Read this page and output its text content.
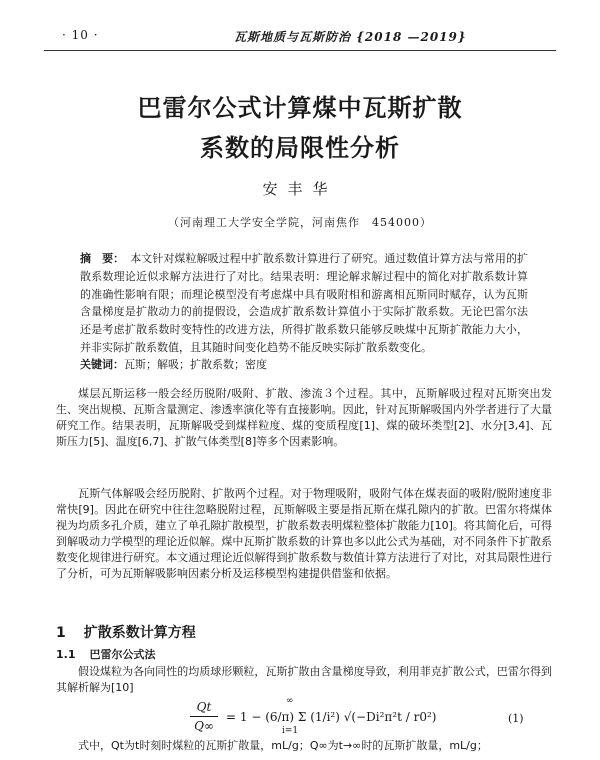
· 10 ·	瓦斯地质与瓦斯防治 {2018 —2019}
巴雷尔公式计算煤中瓦斯扩散
系数的局限性分析
安丰华
（河南理工大学安全学院，河南焦作　454000）
摘　要： 本文针对煤粒解吸过程中扩散系数计算进行了研究。通过数值计算方法与常用的扩散系数理论近似求解方法进行了对比。结果表明：理论解求解过程中的简化对扩散系数计算的准确性影响有限；而理论模型没有考虑煤中具有吸附相和游离相瓦斯同时赋存，认为瓦斯含量梯度是扩散动力的前提假设，会造成扩散系数计算值小于实际扩散系数。无论巴雷尔法还是考虑扩散系数时变特性的改进方法，所得扩散系数只能够反映煤中瓦斯扩散能力大小，并非实际扩散系数值，且其随时间变化趋势不能反映实际扩散系数变化。
关键词：瓦斯；解吸；扩散系数；密度
煤层瓦斯运移一般会经历脱附/吸附、扩散、渗流３个过程。其中，瓦斯解吸过程对瓦斯突出发生、突出规模、瓦斯含量测定、渗透率演化等有直接影响。因此，针对瓦斯解吸国内外学者进行了大量研究工作。结果表明，瓦斯解吸受到煤样粒度、煤的变质程度[1]、煤的破坏类型[2]、水分[3,4]、瓦斯压力[5]、温度[6,7]、扩散气体类型[8]等多个因素影响。
瓦斯气体解吸会经历脱附、扩散两个过程。对于物理吸附，吸附气体在煤表面的吸附/脱附速度非常快[9]。因此在研究中往往忽略脱附过程，瓦斯解吸主要是指瓦斯在煤孔隙内的扩散。巴雷尔将煤体视为均质多孔介质，建立了单孔隙扩散模型，扩散系数表明煤粒整体扩散能力[10]。将其简化后，可得到解吸动力学模型的理论近似解。煤中瓦斯扩散系数的计算也多以此公式为基础，对不同条件下扩散系数变化规律进行研究。本文通过理论近似解得到扩散系数与数值计算方法进行了对比，对其局限性进行了分析，可为瓦斯解吸影响因素分析及运移模型构建提供借鉴和依据。
1 扩散系数计算方程
1.1 巴雷尔公式法
假设煤粒为各向同性的均质球形颗粒，瓦斯扩散由含量梯度导致，利用菲克扩散公式，巴雷尔得到其解析解为[10]
Qt
Q∞
∞
i=1
= 1 − (6/π) Σ (1/i²) √(−Di²π²t / r0²)	(1)
式中，Qt为t时刻时煤粒的瓦斯扩散量，mL/g；Q∞为t→∞时的瓦斯扩散量，mL/g；
